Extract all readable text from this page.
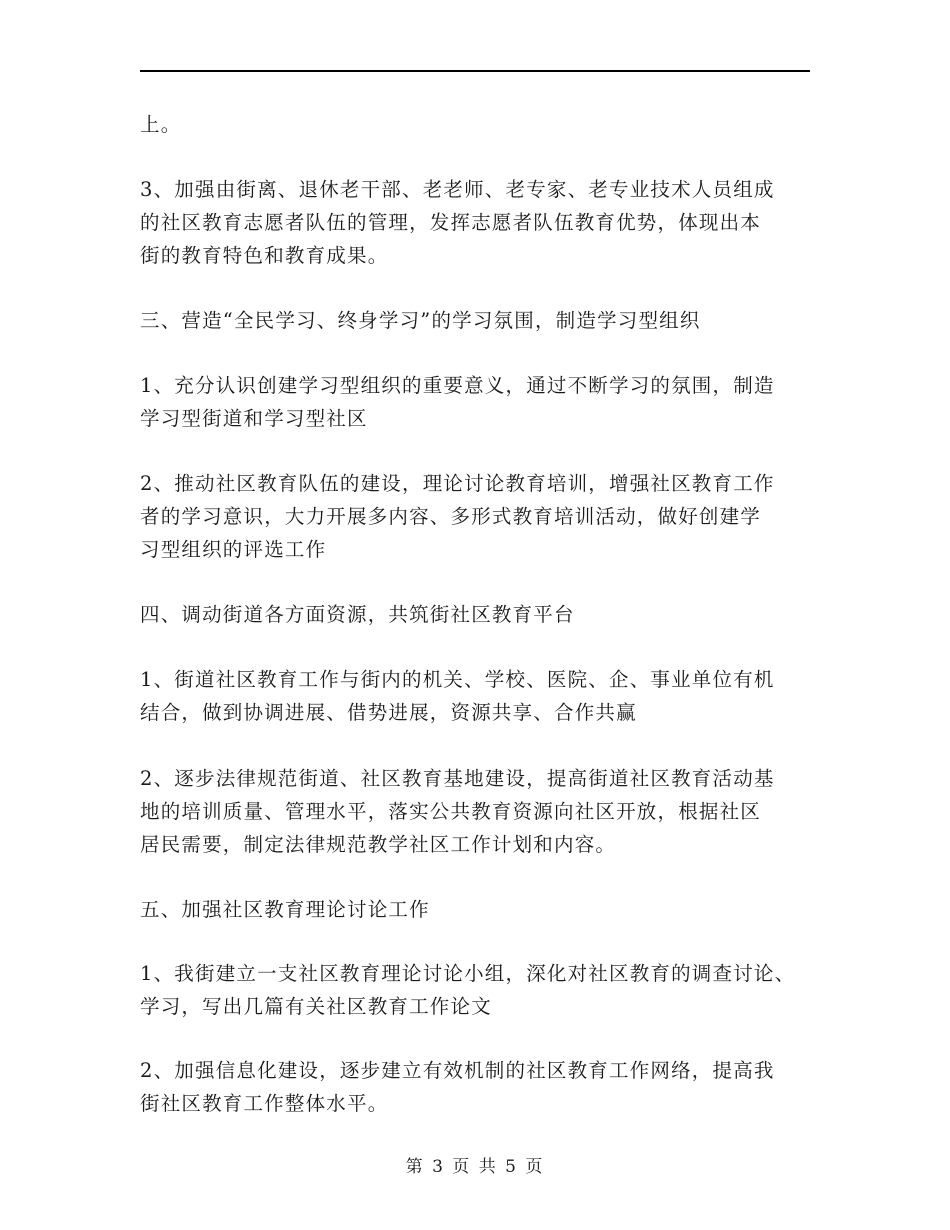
上。
3、加强由街离、退休老干部、老老师、老专家、老专业技术人员组成
的社区教育志愿者队伍的管理，发挥志愿者队伍教育优势，体现出本
街的教育特色和教育成果。
三、营造“全民学习、终身学习”的学习氛围，制造学习型组织
1、充分认识创建学习型组织的重要意义，通过不断学习的氛围，制造
学习型街道和学习型社区
2、推动社区教育队伍的建设，理论讨论教育培训，增强社区教育工作
者的学习意识，大力开展多内容、多形式教育培训活动，做好创建学
习型组织的评选工作
四、调动街道各方面资源，共筑街社区教育平台
1、街道社区教育工作与街内的机关、学校、医院、企、事业单位有机
结合，做到协调进展、借势进展，资源共享、合作共赢
2、逐步法律规范街道、社区教育基地建设，提高街道社区教育活动基
地的培训质量、管理水平，落实公共教育资源向社区开放，根据社区
居民需要，制定法律规范教学社区工作计划和内容。
五、加强社区教育理论讨论工作
1、我街建立一支社区教育理论讨论小组，深化对社区教育的调查讨论、
学习，写出几篇有关社区教育工作论文
2、加强信息化建设，逐步建立有效机制的社区教育工作网络，提高我
街社区教育工作整体水平。
第 3 页 共 5 页
